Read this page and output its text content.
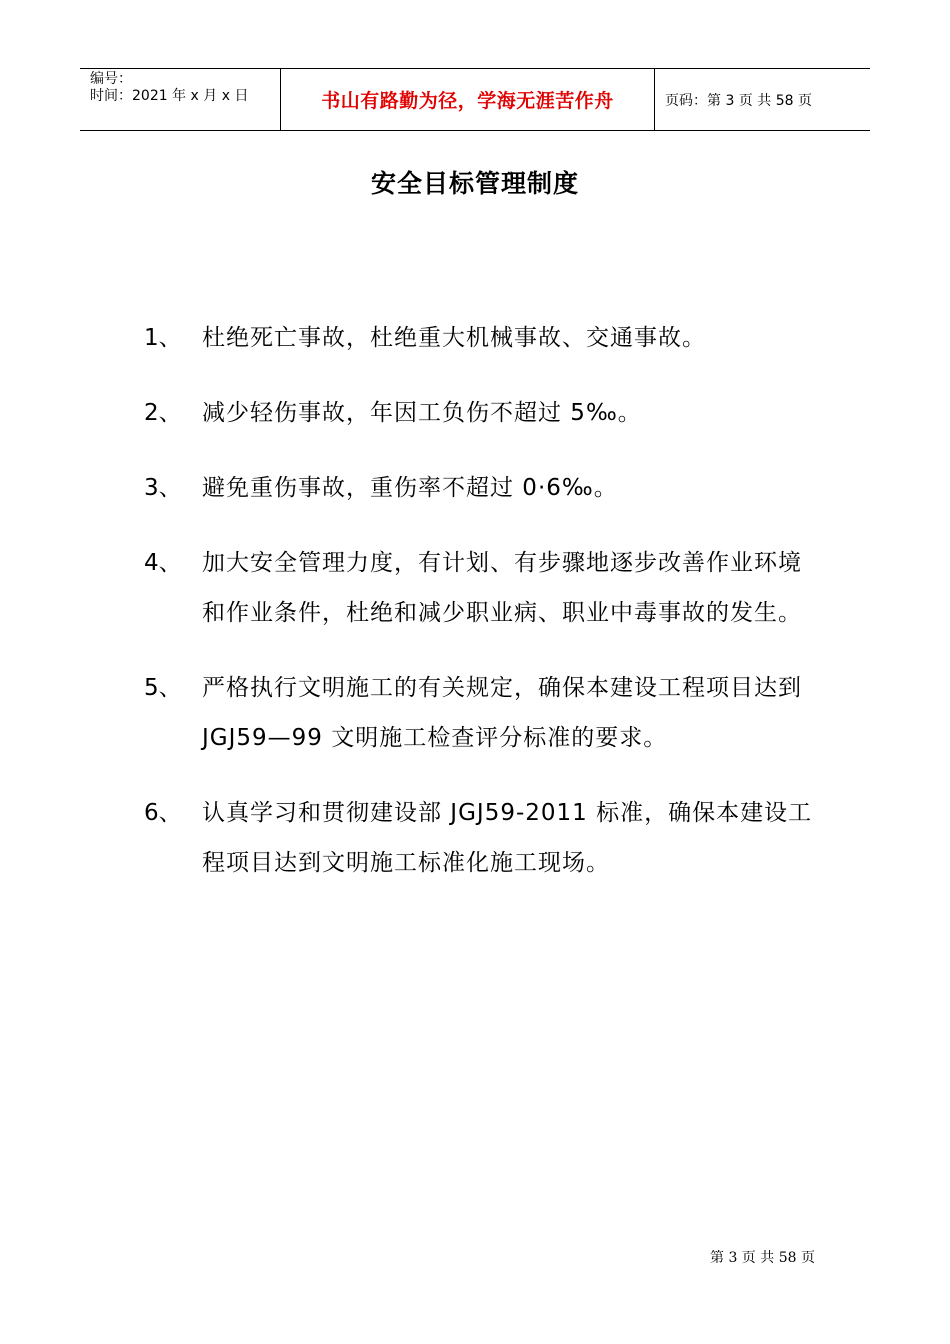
编号：
时间：2021 年 x 月 x 日	书山有路勤为径，学海无涯苦作舟	页码：第 3 页 共 58 页
安全目标管理制度
1、 杜绝死亡事故，杜绝重大机械事故、交通事故。
2、 减少轻伤事故，年因工负伤不超过 5‰。
3、 避免重伤事故，重伤率不超过 0·6‰。
4、 加大安全管理力度，有计划、有步骤地逐步改善作业环境和作业条件，杜绝和减少职业病、职业中毒事故的发生。
5、 严格执行文明施工的有关规定，确保本建设工程项目达到 JGJ59—99 文明施工检查评分标准的要求。
6、 认真学习和贯彻建设部 JGJ59-2011 标准，确保本建设工程项目达到文明施工标准化施工现场。
第 3 页 共 58 页
